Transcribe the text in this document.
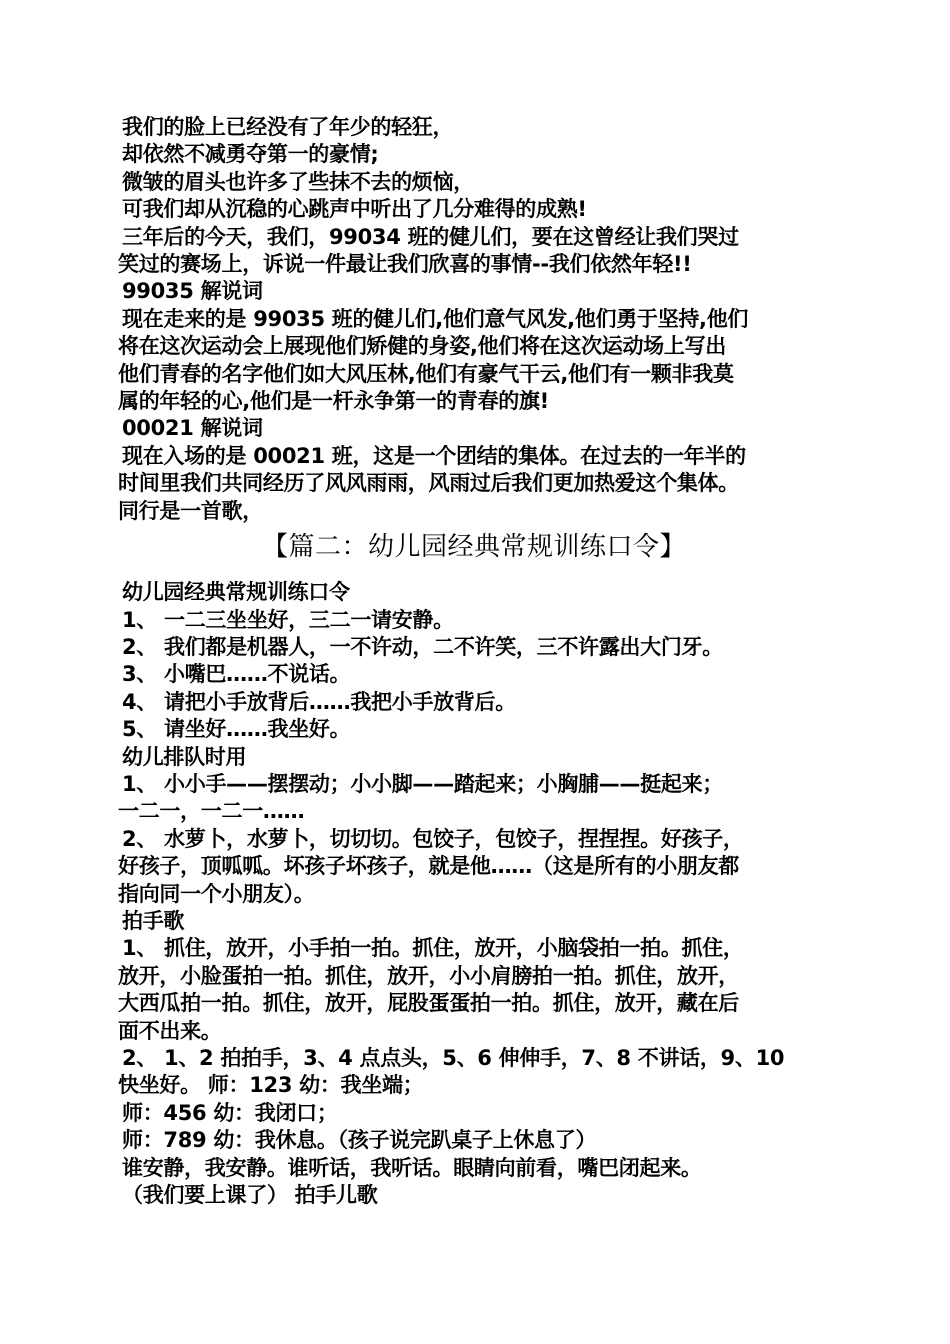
我们的脸上已经没有了年少的轻狂，
却依然不减勇夺第一的豪情;
微皱的眉头也许多了些抹不去的烦恼，
可我们却从沉稳的心跳声中听出了几分难得的成熟!
三年后的今天，我们，99034 班的健儿们，要在这曾经让我们哭过
笑过的赛场上，诉说一件最让我们欣喜的事情--我们依然年轻!!
99035 解说词
现在走来的是 99035 班的健儿们,他们意气风发,他们勇于坚持,他们
将在这次运动会上展现他们矫健的身姿,他们将在这次运动场上写出
他们青春的名字他们如大风压林,他们有豪气干云,他们有一颗非我莫
属的年轻的心,他们是一杆永争第一的青春的旗!
00021 解说词
现在入场的是 00021 班，这是一个团结的集体。在过去的一年半的
时间里我们共同经历了风风雨雨，风雨过后我们更加热爱这个集体。
同行是一首歌，
【篇二：幼儿园经典常规训练口令】
幼儿园经典常规训练口令
1、 一二三坐坐好，三二一请安静。
2、 我们都是机器人，一不许动，二不许笑，三不许露出大门牙。
3、 小嘴巴……不说话。
4、 请把小手放背后……我把小手放背后。
5、 请坐好……我坐好。
幼儿排队时用
1、 小小手——摆摆动；小小脚——踏起来；小胸脯——挺起来；
一二一，一二一……
2、 水萝卜，水萝卜，切切切。包饺子，包饺子，捏捏捏。好孩子，
好孩子，顶呱呱。坏孩子坏孩子，就是他……（这是所有的小朋友都
指向同一个小朋友）。
拍手歌
1、 抓住，放开，小手拍一拍。抓住，放开，小脑袋拍一拍。抓住，
放开，小脸蛋拍一拍。抓住，放开，小小肩膀拍一拍。抓住，放开，
大西瓜拍一拍。抓住，放开，屁股蛋蛋拍一拍。抓住，放开，藏在后
面不出来。
2、 1、2 拍拍手，3、4 点点头，5、6 伸伸手，7、8 不讲话，9、10
快坐好。 师：123 幼：我坐端；
师：456 幼：我闭口；
师：789 幼：我休息。（孩子说完趴桌子上休息了）
谁安静，我安静。谁听话，我听话。眼睛向前看，嘴巴闭起来。
（我们要上课了） 拍手儿歌
